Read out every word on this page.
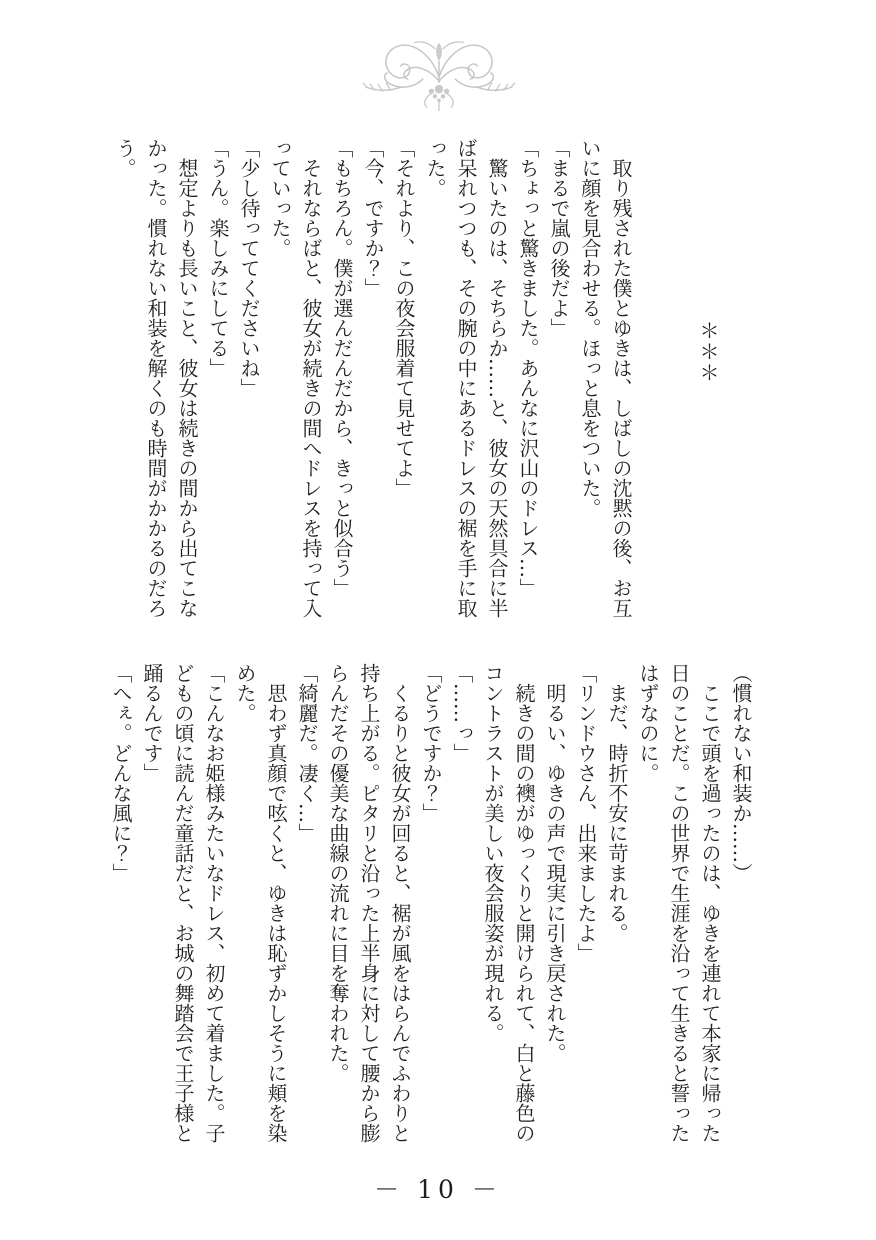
＊＊＊

　取り残された僕とゆきは、しばしの沈黙の後、お互

いに顔を見合わせる。ほっと息をついた。

「まるで嵐の後だよ」

「ちょっと驚きました。あんなに沢山のドレス…」

　驚いたのは、そちらか……と、彼女の天然具合に半

ば呆れつつも、その腕の中にあるドレスの裾を手に取

った。

「それより、この夜会服着て見せてよ」

「今、ですか？」

「もちろん。僕が選んだんだから、きっと似合う」

　それならばと、彼女が続きの間へドレスを持って入

っていった。

「少し待っててくださいね」

「うん。楽しみにしてる」

　想定よりも長いこと、彼女は続きの間から出てこな

かった。慣れない和装を解くのも時間がかかるのだろ

う。

（慣れない和装か……）

　ここで頭を過ったのは、ゆきを連れて本家に帰った

日のことだ。この世界で生涯を沿って生きると誓った

はずなのに。

　まだ、時折不安に苛まれる。

「リンドウさん、出来ましたよ」

　明るい、ゆきの声で現実に引き戻された。

　続きの間の襖がゆっくりと開けられて、白と藤色の

コントラストが美しい夜会服姿が現れる。

「……っ」

「どうですか？」

　くるりと彼女が回ると、裾が風をはらんでふわりと

持ち上がる。ピタリと沿った上半身に対して腰から膨

らんだその優美な曲線の流れに目を奪われた。

「綺麗だ。凄く…」

　思わず真顔で呟くと、ゆきは恥ずかしそうに頬を染

めた。

「こんなお姫様みたいなドレス、初めて着ました。子

どもの頃に読んだ童話だと、お城の舞踏会で王子様と

踊るんです」

「へぇ。どんな風に？」

－ 10 －
